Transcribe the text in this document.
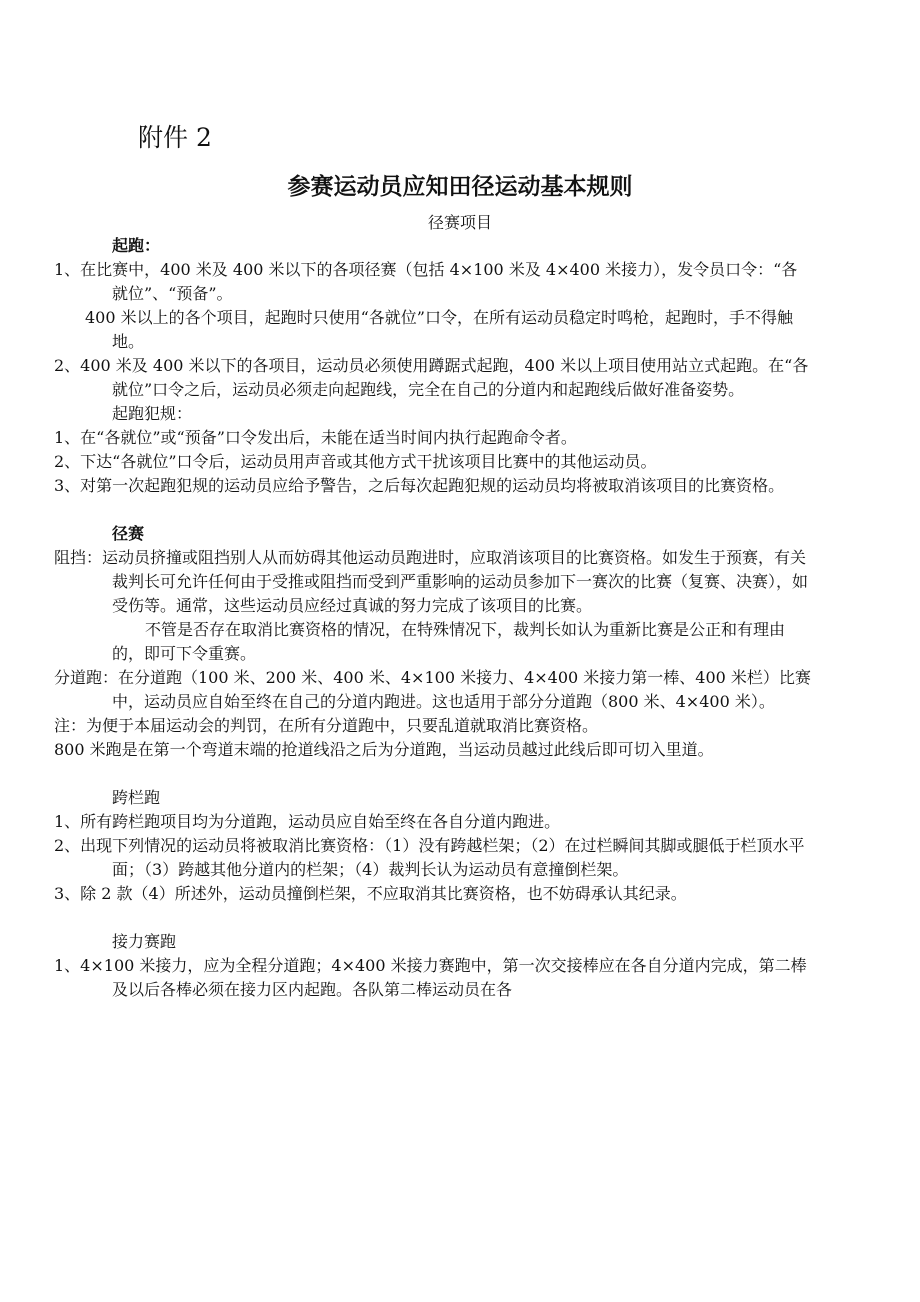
附件 2
参赛运动员应知田径运动基本规则
径赛项目

起跑：

1、在比赛中，400 米及 400 米以下的各项径赛（包括 4×100 米及 4×400 米接力），发令员口令：“各就位”、“预备”。

400 米以上的各个项目，起跑时只使用“各就位”口令，在所有运动员稳定时鸣枪，起跑时，手不得触地。

2、400 米及 400 米以下的各项目，运动员必须使用蹲踞式起跑，400 米以上项目使用站立式起跑。在“各就位”口令之后，运动员必须走向起跑线，完全在自己的分道内和起跑线后做好准备姿势。

起跑犯规：

1、在“各就位”或“预备”口令发出后，未能在适当时间内执行起跑命令者。

2、下达“各就位”口令后，运动员用声音或其他方式干扰该项目比赛中的其他运动员。

3、对第一次起跑犯规的运动员应给予警告，之后每次起跑犯规的运动员均将被取消该项目的比赛资格。

径赛

阻挡：运动员挤撞或阻挡别人从而妨碍其他运动员跑进时，应取消该项目的比赛资格。如发生于预赛，有关裁判长可允许任何由于受推或阻挡而受到严重影响的运动员参加下一赛次的比赛（复赛、决赛），如受伤等。通常，这些运动员应经过真诚的努力完成了该项目的比赛。

不管是否存在取消比赛资格的情况，在特殊情况下，裁判长如认为重新比赛是公正和有理由的，即可下令重赛。

分道跑：在分道跑（100 米、200 米、400 米、4×100 米接力、4×400 米接力第一棒、400 米栏）比赛中，运动员应自始至终在自己的分道内跑进。这也适用于部分分道跑（800 米、4×400 米）。

注：为便于本届运动会的判罚，在所有分道跑中，只要乱道就取消比赛资格。

800 米跑是在第一个弯道末端的抢道线沿之后为分道跑，当运动员越过此线后即可切入里道。

跨栏跑

1、所有跨栏跑项目均为分道跑，运动员应自始至终在各自分道内跑进。

2、出现下列情况的运动员将被取消比赛资格：（1）没有跨越栏架；（2）在过栏瞬间其脚或腿低于栏顶水平面；（3）跨越其他分道内的栏架；（4）裁判长认为运动员有意撞倒栏架。

3、除 2 款（4）所述外，运动员撞倒栏架，不应取消其比赛资格，也不妨碍承认其纪录。

接力赛跑

1、4×100 米接力，应为全程分道跑；4×400 米接力赛跑中，第一次交接棒应在各自分道内完成，第二棒及以后各棒必须在接力区内起跑。各队第二棒运动员在各
